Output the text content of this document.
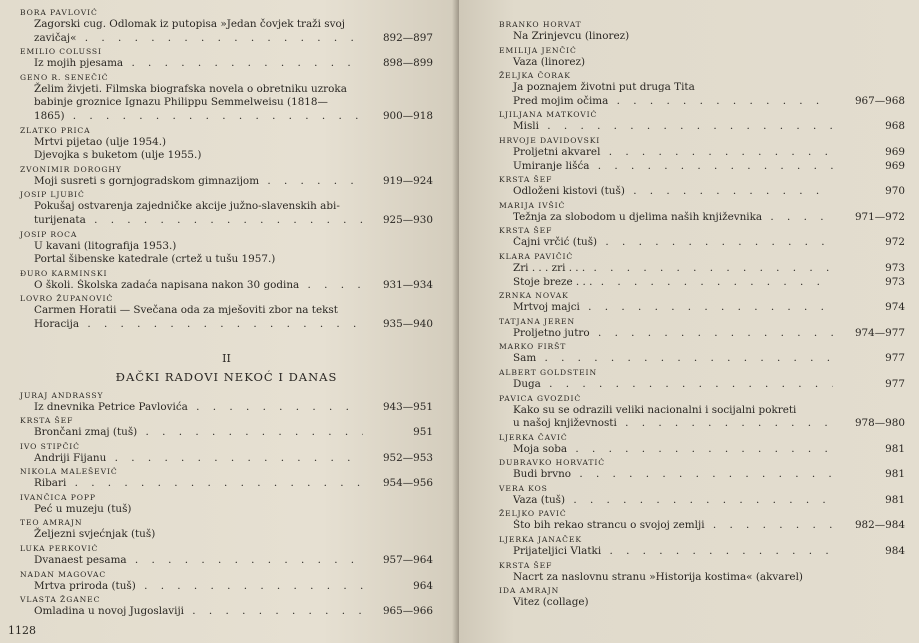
BORA PAVLOVIĆ
Zagorski cug. Odlomak iz putopisa »Jedan čovjek traži svoj
zavičaj« . . .	892—897
EMILIO COLUSSI
Iz mojih pjesama . . .	898—899
GENO R. SENEČIĆ
Želim živjeti. Filmska biografska novela o obretniku uzroka
babinje groznice Ignazu Philippu Semmelweisu (1818—
1865) . . .	900—918
ZLATKO PRICA
Mrtvi pijetao (ulje 1954.)
Djevojka s buketom (ulje 1955.)
ZVONIMIR DOROGHY
Moji susreti s gornjogradskom gimnazijom . . .	919—924
JOSIP LJUBIĆ
Pokušaj ostvarenja zajedničke akcije južno-slavenskih abi-
turijenata . . .	925—930
JOSIP ROCA
U kavani (litografija 1953.)
Portal šibenske katedrale (crtež u tušu 1957.)
ĐURO KARMINSKI
O školi. Školska zadaća napisana nakon 30 godina . . .	931—934
LOVRO ŽUPANOVIĆ
Carmen Horatii — Svečana oda za mješoviti zbor na tekst
Horacija . . .	935—940
II
ĐAČKI RADOVI NEKOĆ I DANAS
JURAJ ANDRASSY
Iz dnevnika Petrice Pavlovića . . .	943—951
KRSTA ŠEF
Brončani zmaj (tuš) . . .	951
IVO STIPČIĆ
Andriji Fijanu . . .	952—953
NIKOLA MALEŠEVIĆ
Ribari . . .	954—956
IVANČICA POPP
Peć u muzeju (tuš)
TEO AMRAJN
Željezni svjećnjak (tuš)
LUKA PERKOVIĆ
Dvanaest pesama . . .	957—964
NADAN MAGOVAC
Mrtva priroda (tuš) . . .	964
VLASTA ŽGANEC
Omladina u novoj Jugoslaviji . . .	965—966
1128
BRANKO HORVAT
Na Zrinjevcu (linorez)
EMILIJA JENČIĆ
Vaza (linorez)
ŽELJKA ČORAK
Ja poznajem životni put druga Tita
Pred mojim očima . . .	967—968
LJILJANA MATKOVIĆ
Misli . . .	968
HRVOJE DAVIDOVSKI
Proljetni akvarel . . .	969
Umiranje lišća . . .	969
KRSTA ŠEF
Odloženi kistovi (tuš) . . .	970
MARIJA IVŠIĆ
Težnja za slobodom u djelima naših književnika . . .	971—972
KRSTA ŠEF
Čajni vrčić (tuš) . . .	972
KLARA PAVIČIĆ
Zri . . . zri . . . . . .	973
Stoje breze . . . . . .	973
ZRNKA NOVAK
Mrtvoj majci . . .	974
TATJANA JEREN
Proljetno jutro . . .	974—977
MARKO FIRŠT
Sam . . .	977
ALBERT GOLDSTEIN
Duga . . .	977
PAVICA GVOZDIĆ
Kako su se odrazili veliki nacionalni i socijalni pokreti
u našoj književnosti . . .	978—980
LJERKA ČAVIĆ
Moja soba . . .	981
DUBRAVKO HORVATIĆ
Budi brvno . . .	981
VERA KOS
Vaza (tuš) . . .	981
ŽELJKO PAVIĆ
Što bih rekao strancu o svojoj zemlji . . .	982—984
LJERKA JANAČEK
Prijateljici Vlatki . . .	984
KRSTA ŠEF
Nacrt za naslovnu stranu »Historija kostima« (akvarel)
IDA AMRAJN
Vitez (collage)
